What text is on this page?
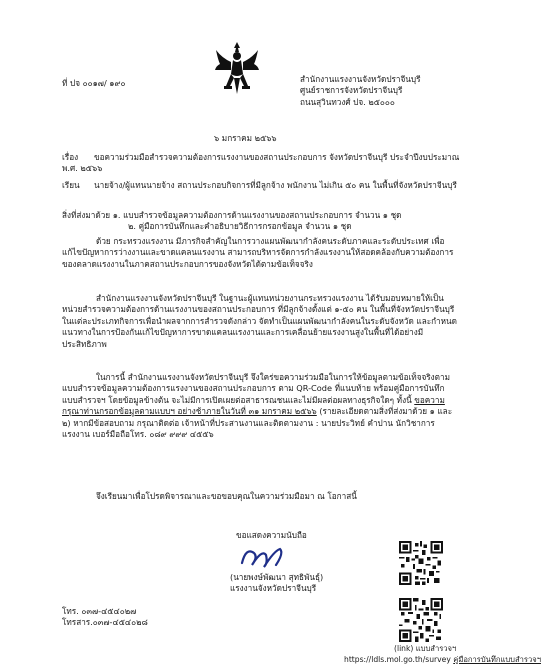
ที่ ปจ ๐๐๑๗/ ๑๙๐	สำนักงานแรงงานจังหวัดปราจีนบุรี
ศูนย์ราชการจังหวัดปราจีนบุรี
ถนนสุวินทวงศ์ ปจ. ๒๕๐๐๐
๖ มกราคม ๒๕๖๖
เรื่อง ขอความร่วมมือสำรวจความต้องการแรงงานของสถานประกอบการ จังหวัดปราจีนบุรี ประจำปีงบประมาณ พ.ศ. ๒๕๖๖
เรียน นายจ้าง/ผู้แทนนายจ้าง สถานประกอบกิจการที่มีลูกจ้าง พนักงาน ไม่เกิน ๕๐ คน ในพื้นที่จังหวัดปราจีนบุรี
สิ่งที่ส่งมาด้วย ๑. แบบสำรวจข้อมูลความต้องการด้านแรงงานของสถานประกอบการ จำนวน ๑ ชุด
๒. คู่มือการบันทึกและคำอธิบายวิธีการกรอกข้อมูล จำนวน ๑ ชุด
ด้วย กระทรวงแรงงาน มีภารกิจสำคัญในการวางแผนพัฒนากำลังคนระดับภาคและระดับประเทศ เพื่อแก้ไขปัญหาการว่างงานและขาดแคลนแรงงาน สามารถบริหารจัดการกำลังแรงงานให้สอดคล้องกับความต้องการของตลาดแรงงานในภาคสถานประกอบการของจังหวัดได้ตามข้อเท็จจริง
สำนักงานแรงงานจังหวัดปราจีนบุรี ในฐานะผู้แทนหน่วยงานกระทรวงแรงงาน ได้รับมอบหมายให้เป็นหน่วยสำรวจความต้องการด้านแรงงานของสถานประกอบการ ที่มีลูกจ้างตั้งแต่ ๑-๕๐ คน ในพื้นที่จังหวัดปราจีนบุรี ในแต่ละประเภทกิจการเพื่อนำผลจากการสำรวจดังกล่าว จัดทำเป็นแผนพัฒนากำลังคนในระดับจังหวัด และกำหนดแนวทางในการป้องกันแก้ไขปัญหาการขาดแคลนแรงงานและการเคลื่อนย้ายแรงงานสูงในพื้นที่ได้อย่างมีประสิทธิภาพ
ในการนี้ สำนักงานแรงงานจังหวัดปราจีนบุรี จึงใคร่ขอความร่วมมือในการให้ข้อมูลตามข้อเท็จจริงตามแบบสำรวจข้อมูลความต้องการแรงงานของสถานประกอบการ ตาม QR-Code ที่แนบท้าย พร้อมคู่มือการบันทึกแบบสำรวจฯ โดยข้อมูลข้างต้น จะไม่มีการเปิดเผยต่อสาธารณชนและไม่มีผลต่อผลทางธุรกิจใดๆ ทั้งนี้ ขอความกรุณาท่านกรอกข้อมูลตามแบบฯ อย่างช้าภายในวันที่ ๓๑ มกราคม ๒๕๖๖ (รายละเอียดตามสิ่งที่ส่งมาด้วย ๑ และ ๒) หากมีข้อสอบถาม กรุณาติดต่อ เจ้าหน้าที่ประสานงานและติดตามงาน : นายประวิทย์ คำปาน นักวิชาการแรงงาน เบอร์มือถือโทร. ๐๘๙ ๙๙๙ ๔๕๕๖
จึงเรียนมาเพื่อโปรดพิจารณาและขอขอบคุณในความร่วมมือมา ณ โอกาสนี้
ขอแสดงความนับถือ
(นายพงษ์พัฒนา สุทธิพันธุ์)
แรงงานจังหวัดปราจีนบุรี
โทร. ๐๓๗-๔๕๔๐๒๗
โทรสาร.๐๓๗-๔๕๔๐๒๘
(link) แบบสำรวจฯ
https://ldls.mol.go.th/survey คู่มือการบันทึกแบบสำรวจฯ
